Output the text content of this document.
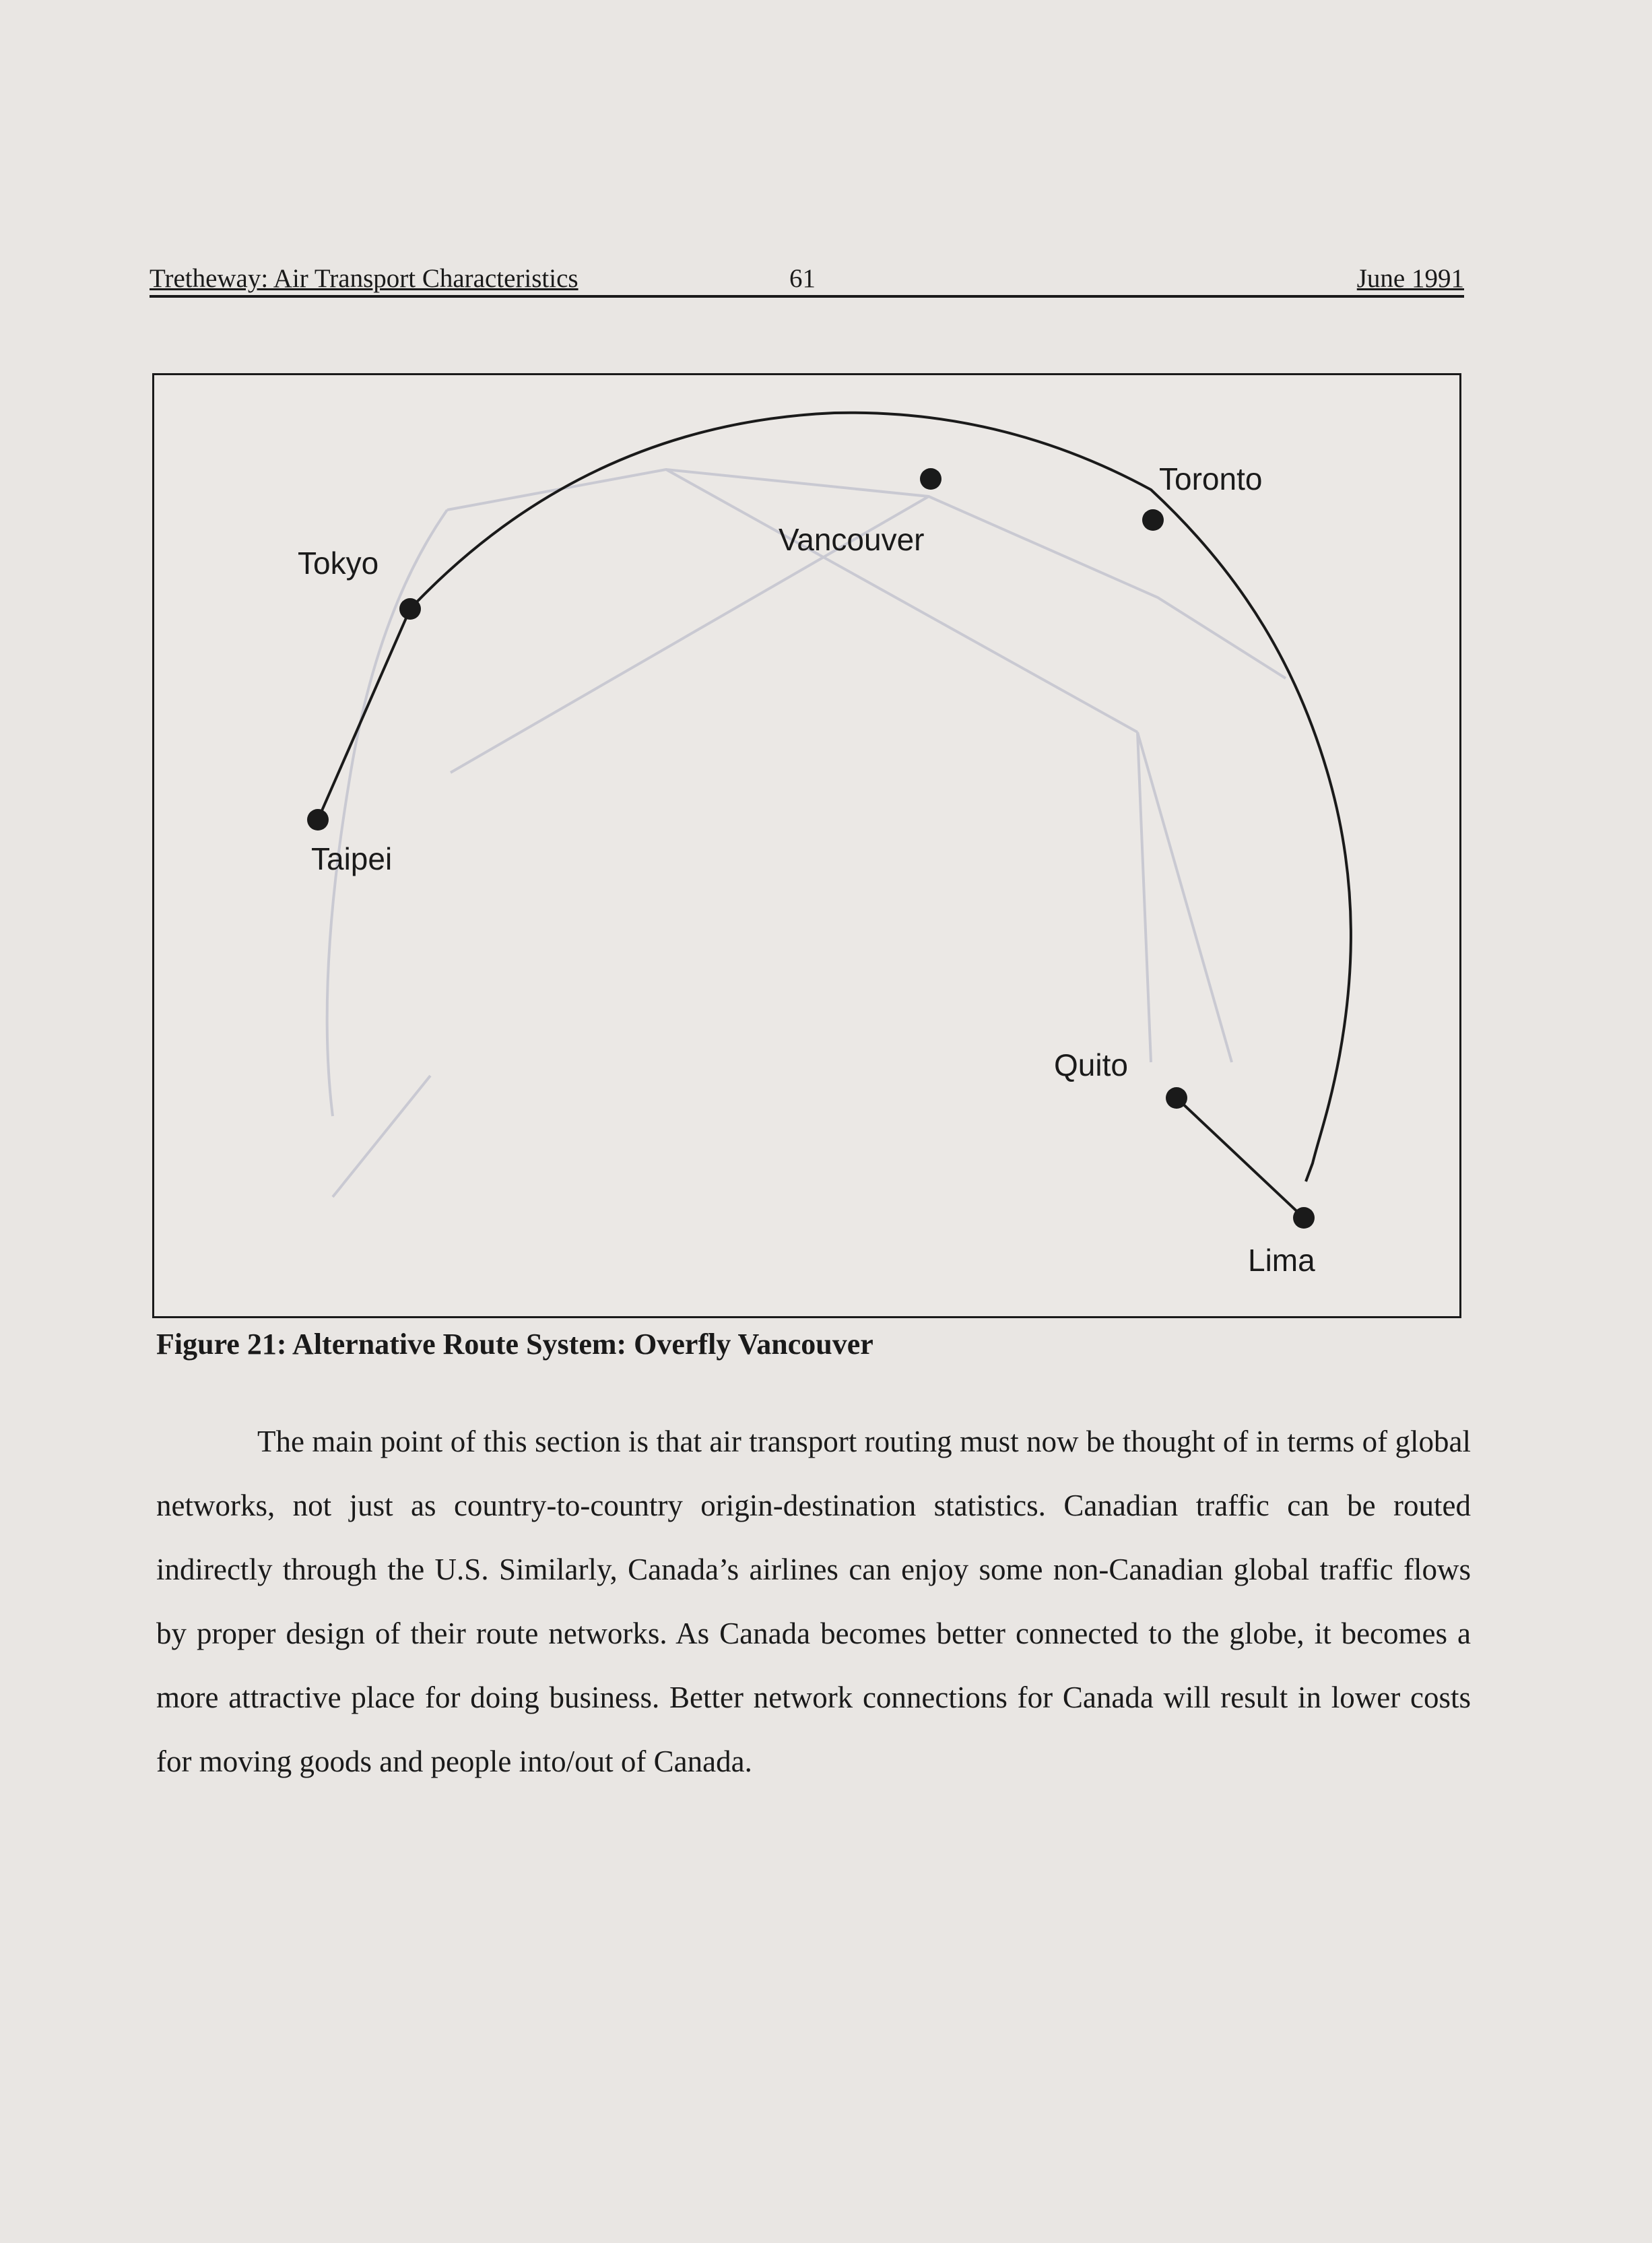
Tretheway: Air Transport Characteristics	61	June 1991
Tokyo
Taipei
Vancouver
Toronto
Quito
Lima
Figure 21: Alternative Route System: Overfly Vancouver

The main point of this section is that air transport routing must now be thought of in terms of global networks, not just as country-to-country origin-destination statistics. Canadian traffic can be routed indirectly through the U.S. Similarly, Canada’s airlines can enjoy some non-Canadian global traffic flows by proper design of their route networks. As Canada becomes better connected to the globe, it becomes a more attractive place for doing business. Better network connections for Canada will result in lower costs for moving goods and people into/out of Canada.
